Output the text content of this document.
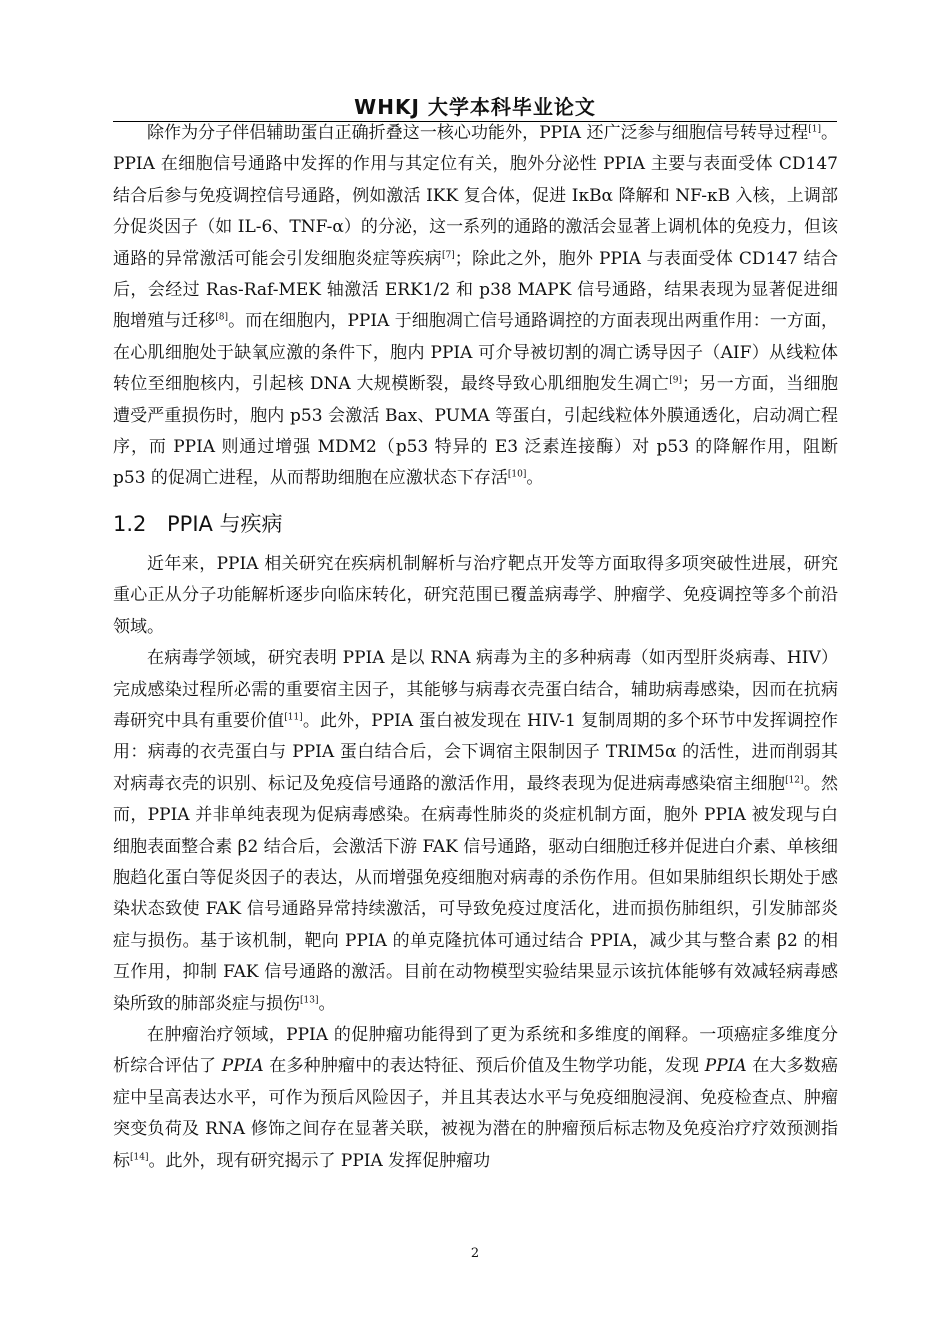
WHKJ 大学本科毕业论文

除作为分子伴侣辅助蛋白正确折叠这一核心功能外，PPIA 还广泛参与细胞信号转导过程[1]。PPIA 在细胞信号通路中发挥的作用与其定位有关，胞外分泌性 PPIA 主要与表面受体 CD147 结合后参与免疫调控信号通路，例如激活 IKK 复合体，促进 IκBα 降解和 NF-κB 入核，上调部分促炎因子（如 IL-6、TNF-α）的分泌，这一系列的通路的激活会显著上调机体的免疫力，但该通路的异常激活可能会引发细胞炎症等疾病[7]；除此之外，胞外 PPIA 与表面受体 CD147 结合后，会经过 Ras-Raf-MEK 轴激活 ERK1/2 和 p38 MAPK 信号通路，结果表现为显著促进细胞增殖与迁移[8]。而在细胞内，PPIA 于细胞凋亡信号通路调控的方面表现出两重作用：一方面，在心肌细胞处于缺氧应激的条件下，胞内 PPIA 可介导被切割的凋亡诱导因子（AIF）从线粒体转位至细胞核内，引起核 DNA 大规模断裂，最终导致心肌细胞发生凋亡[9]；另一方面，当细胞遭受严重损伤时，胞内 p53 会激活 Bax、PUMA 等蛋白，引起线粒体外膜通透化，启动凋亡程序，而 PPIA 则通过增强 MDM2（p53 特异的 E3 泛素连接酶）对 p53 的降解作用，阻断 p53 的促凋亡进程，从而帮助细胞在应激状态下存活[10]。

1.2 PPIA 与疾病

近年来，PPIA 相关研究在疾病机制解析与治疗靶点开发等方面取得多项突破性进展，研究重心正从分子功能解析逐步向临床转化，研究范围已覆盖病毒学、肿瘤学、免疫调控等多个前沿领域。

在病毒学领域，研究表明 PPIA 是以 RNA 病毒为主的多种病毒（如丙型肝炎病毒、HIV）完成感染过程所必需的重要宿主因子，其能够与病毒衣壳蛋白结合，辅助病毒感染，因而在抗病毒研究中具有重要价值[11]。此外，PPIA 蛋白被发现在 HIV-1 复制周期的多个环节中发挥调控作用：病毒的衣壳蛋白与 PPIA 蛋白结合后，会下调宿主限制因子 TRIM5α 的活性，进而削弱其对病毒衣壳的识别、标记及免疫信号通路的激活作用，最终表现为促进病毒感染宿主细胞[12]。然而，PPIA 并非单纯表现为促病毒感染。在病毒性肺炎的炎症机制方面，胞外 PPIA 被发现与白细胞表面整合素 β2 结合后，会激活下游 FAK 信号通路，驱动白细胞迁移并促进白介素、单核细胞趋化蛋白等促炎因子的表达，从而增强免疫细胞对病毒的杀伤作用。但如果肺组织长期处于感染状态致使 FAK 信号通路异常持续激活，可导致免疫过度活化，进而损伤肺组织，引发肺部炎症与损伤。基于该机制，靶向 PPIA 的单克隆抗体可通过结合 PPIA，减少其与整合素 β2 的相互作用，抑制 FAK 信号通路的激活。目前在动物模型实验结果显示该抗体能够有效减轻病毒感染所致的肺部炎症与损伤[13]。

在肿瘤治疗领域，PPIA 的促肿瘤功能得到了更为系统和多维度的阐释。一项癌症多维度分析综合评估了 PPIA 在多种肿瘤中的表达特征、预后价值及生物学功能，发现 PPIA 在大多数癌症中呈高表达水平，可作为预后风险因子，并且其表达水平与免疫细胞浸润、免疫检查点、肿瘤突变负荷及 RNA 修饰之间存在显著关联，被视为潜在的肿瘤预后标志物及免疫治疗疗效预测指标[14]。此外，现有研究揭示了 PPIA 发挥促肿瘤功

2
